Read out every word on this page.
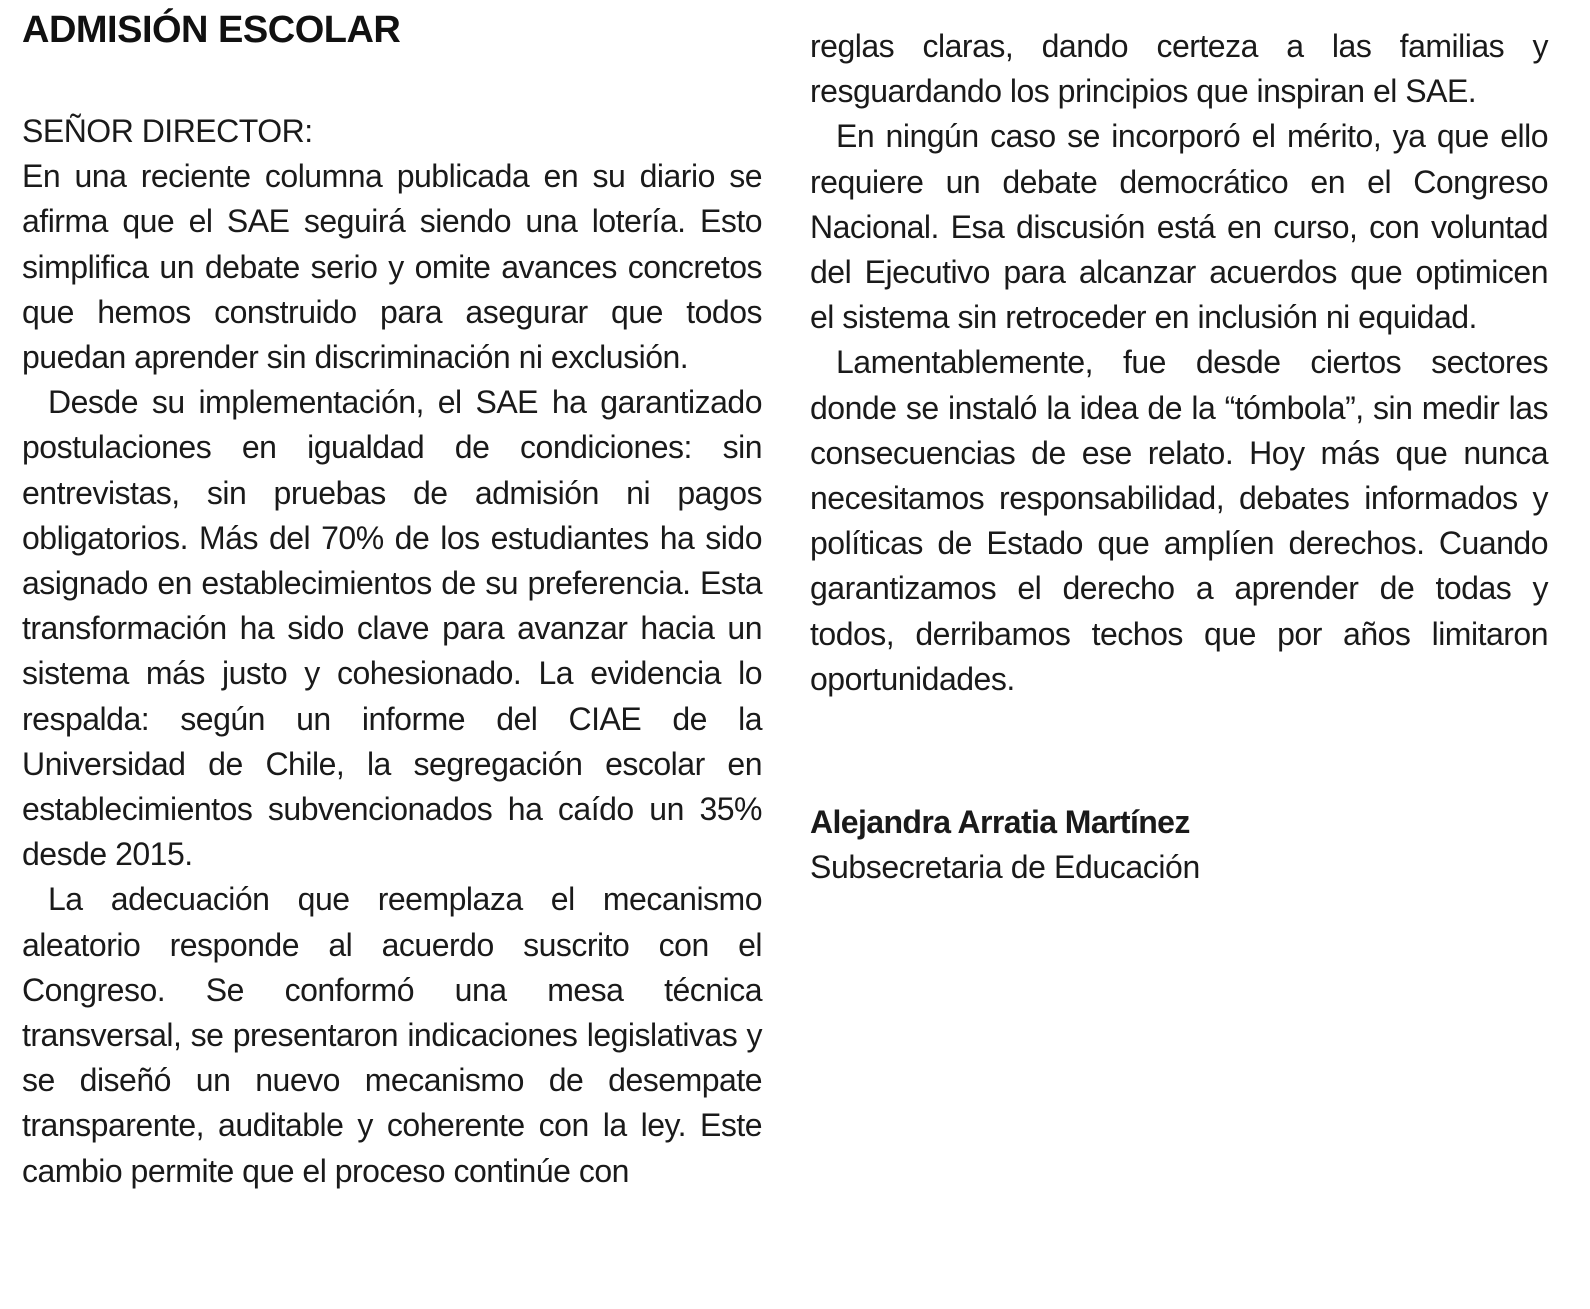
ADMISIÓN ESCOLAR
SEÑOR DIRECTOR:

En una reciente columna publicada en su diario se afirma que el SAE seguirá siendo una lotería. Esto simplifica un debate serio y omite avances concretos que hemos construido para asegurar que todos puedan aprender sin discriminación ni exclusión.

Desde su implementación, el SAE ha garantizado postulaciones en igualdad de condiciones: sin entrevistas, sin pruebas de admisión ni pagos obligatorios. Más del 70% de los estudiantes ha sido asignado en establecimientos de su preferencia. Esta transformación ha sido clave para avanzar hacia un sistema más justo y cohesionado. La evidencia lo respalda: según un informe del CIAE de la Universidad de Chile, la segregación escolar en establecimientos subvencionados ha caído un 35% desde 2015.

La adecuación que reemplaza el mecanismo aleatorio responde al acuerdo suscrito con el Congreso. Se conformó una mesa técnica transversal, se presentaron indicaciones legislativas y se diseñó un nuevo mecanismo de desempate transparente, auditable y coherente con la ley. Este cambio permite que el proceso continúe con

reglas claras, dando certeza a las familias y resguardando los principios que inspiran el SAE.

En ningún caso se incorporó el mérito, ya que ello requiere un debate democrático en el Congreso Nacional. Esa discusión está en curso, con voluntad del Ejecutivo para alcanzar acuerdos que optimicen el sistema sin retroceder en inclusión ni equidad.

Lamentablemente, fue desde ciertos sectores donde se instaló la idea de la “tómbola”, sin medir las consecuencias de ese relato. Hoy más que nunca necesitamos responsabilidad, debates informados y políticas de Estado que amplíen derechos. Cuando garantizamos el derecho a aprender de todas y todos, derribamos techos que por años limitaron oportunidades.

Alejandra Arratia Martínez

Subsecretaria de Educación
